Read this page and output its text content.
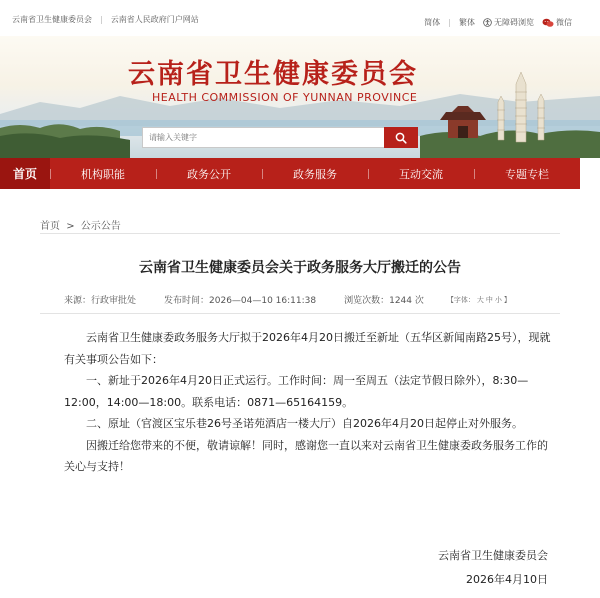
云南省卫生健康委员会 | 云南省人民政府门户网站	简体 | 繁体 无障碍浏览	微信
云南省卫生健康委员会
HEALTH COMMISSION OF YUNNAN PROVINCE
请输入关键字
首页	机构职能	政务公开	政务服务	互动交流	专题专栏
首页 > 公示公告
云南省卫生健康委员会关于政务服务大厅搬迁的公告
来源：行政审批处	发布时间：2026—04—10 16:11:38	浏览次数：1244 次	【字体： 大 中 小 】

　　云南省卫生健康委政务服务大厅拟于2026年4月20日搬迁至新址（五华区新闻南路25号），现就有关事项公告如下：

　　一、新址于2026年4月20日正式运行。工作时间：周一至周五（法定节假日除外），8:30—12:00，14:00—18:00。联系电话：0871—65164159。

　　二、原址（官渡区宝乐巷26号圣诺苑酒店一楼大厅）自2026年4月20日起停止对外服务。

　　因搬迁给您带来的不便，敬请谅解！同时，感谢您一直以来对云南省卫生健康委政务服务工作的关心与支持！

云南省卫生健康委员会
2026年4月10日
